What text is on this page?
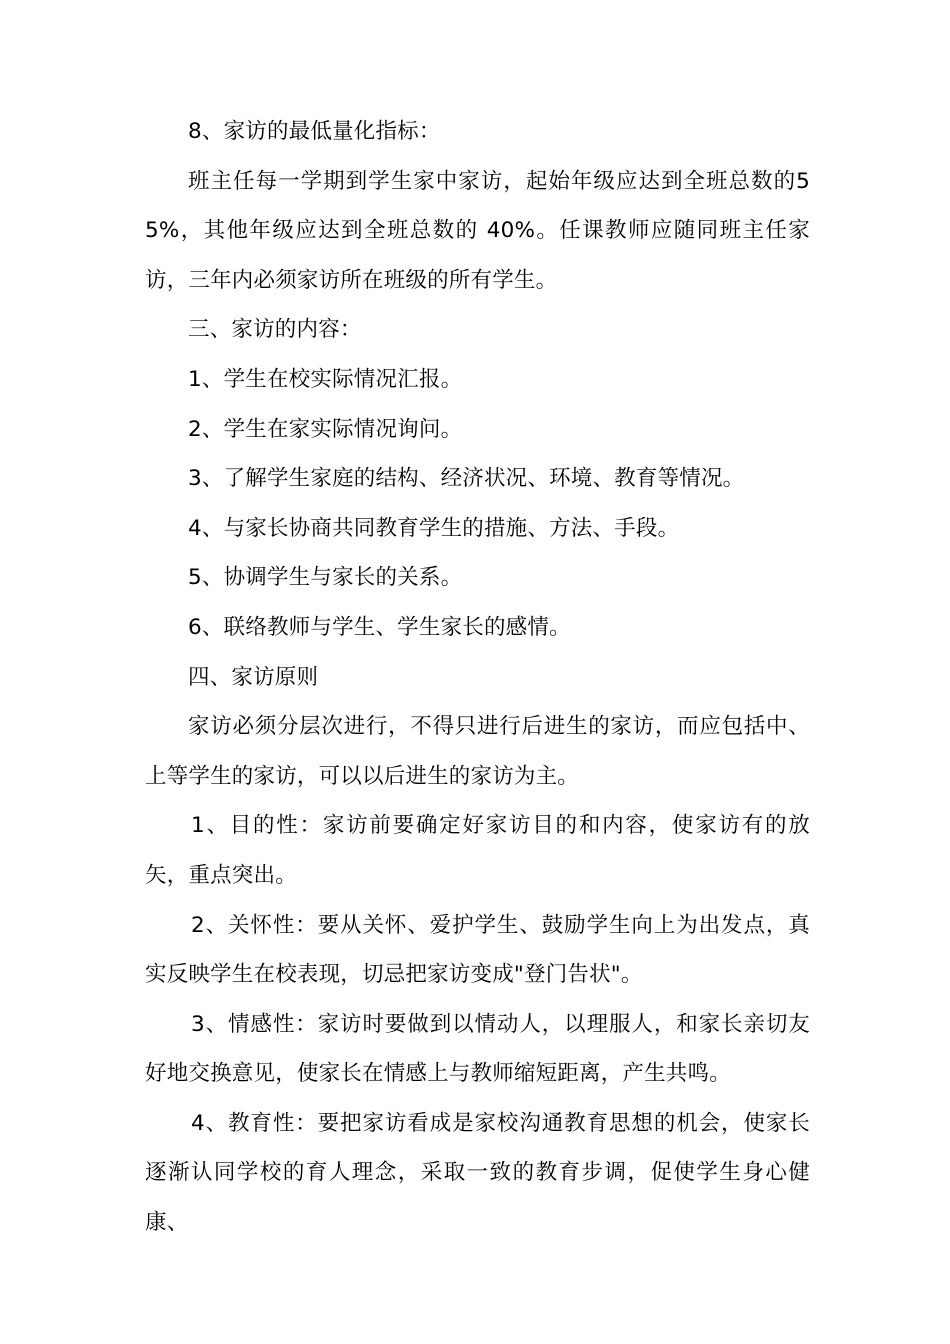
8、家访的最低量化指标：

班主任每一学期到学生家中家访，起始年级应达到全班总数的55%，其他年级应达到全班总数的 40%。任课教师应随同班主任家访，三年内必须家访所在班级的所有学生。

三、家访的内容：

1、学生在校实际情况汇报。

2、学生在家实际情况询问。

3、了解学生家庭的结构、经济状况、环境、教育等情况。

4、与家长协商共同教育学生的措施、方法、手段。

5、协调学生与家长的关系。

6、联络教师与学生、学生家长的感情。

四、家访原则

家访必须分层次进行，不得只进行后进生的家访，而应包括中、上等学生的家访，可以以后进生的家访为主。

1、目的性：家访前要确定好家访目的和内容，使家访有的放矢，重点突出。

2、关怀性：要从关怀、爱护学生、鼓励学生向上为出发点，真实反映学生在校表现，切忌把家访变成"登门告状"。

3、情感性：家访时要做到以情动人，以理服人，和家长亲切友好地交换意见，使家长在情感上与教师缩短距离，产生共鸣。

4、教育性：要把家访看成是家校沟通教育思想的机会，使家长逐渐认同学校的育人理念，采取一致的教育步调，促使学生身心健康、
